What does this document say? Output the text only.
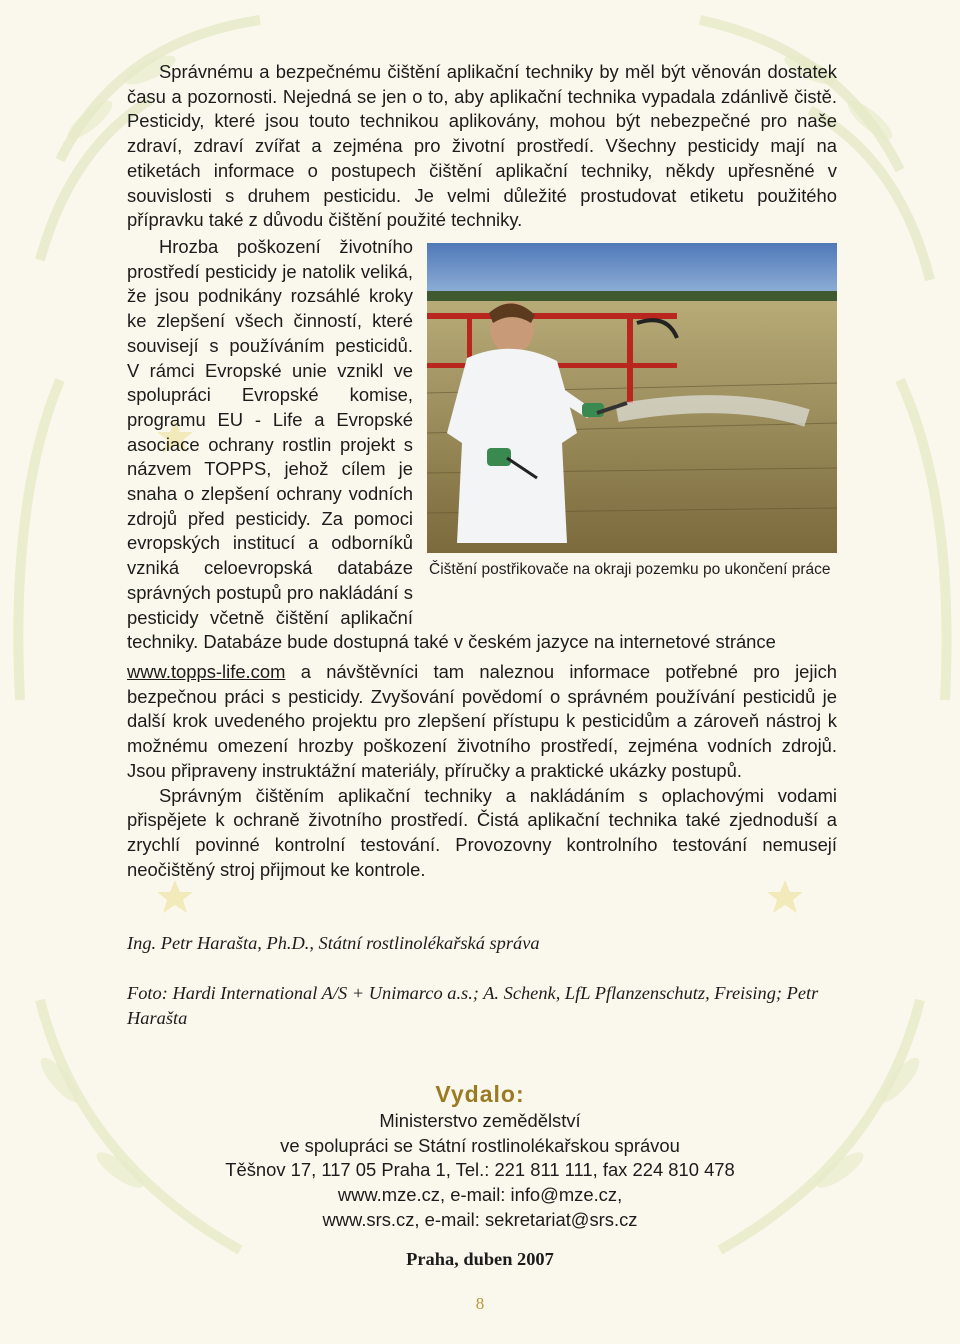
Správnému a bezpečnému čištění aplikační techniky by měl být věnován dostatek času a pozornosti. Nejedná se jen o to, aby aplikační technika vypadala zdánlivě čistě. Pesticidy, které jsou touto technikou aplikovány, mohou být nebezpečné pro naše zdraví, zdraví zvířat a zejména pro životní prostředí. Všechny pesticidy mají na etiketách informace o postupech čištění aplikační techniky, někdy upřesněné v souvislosti s druhem pesticidu. Je velmi důležité prostudovat etiketu použitého přípravku také z důvodu čištění použité techniky.

Čištění postřikovače na okraji pozemku po ukončení práce

Hrozba poškození životního prostředí pesticidy je natolik veliká, že jsou podnikány rozsáhlé kroky ke zlepšení všech činností, které souvisejí s používáním pesticidů. V rámci Evropské unie vznikl ve spolupráci Evropské komise, programu EU - Life a Evropské asociace ochrany rostlin projekt s názvem TOPPS, jehož cílem je snaha o zlepšení ochrany vodních zdrojů před pesticidy. Za pomoci evropských institucí a odborníků vzniká celoevropská databáze správných postupů pro nakládání s pesticidy včetně čištění aplikační techniky. Databáze bude dostupná také v českém jazyce na internetové stránce

www.topps-life.com a návštěvníci tam naleznou informace potřebné pro jejich bezpečnou práci s pesticidy. Zvyšování povědomí o správném používání pesticidů je další krok uvedeného projektu pro zlepšení přístupu k pesticidům a zároveň nástroj k možnému omezení hrozby poškození životního prostředí, zejména vodních zdrojů. Jsou připraveny instruktážní materiály, příručky a praktické ukázky postupů.

Správným čištěním aplikační techniky a nakládáním s oplachovými vodami přispějete k ochraně životního prostředí. Čistá aplikační technika také zjednoduší a zrychlí povinné kontrolní testování. Provozovny kontrolního testování nemusejí neočištěný stroj přijmout ke kontrole.

Ing. Petr Harašta, Ph.D., Státní rostlinolékařská správa
Foto: Hardi International A/S + Unimarco a.s.; A. Schenk, LfL Pflanzenschutz, Freising; Petr Harašta
Vydalo:
Ministerstvo zemědělství
ve spolupráci se Státní rostlinolékařskou správou
Těšnov 17, 117 05 Praha 1, Tel.: 221 811 111, fax 224 810 478
www.mze.cz, e-mail: info@mze.cz,
www.srs.cz, e-mail: sekretariat@srs.cz
Praha, duben 2007
8
